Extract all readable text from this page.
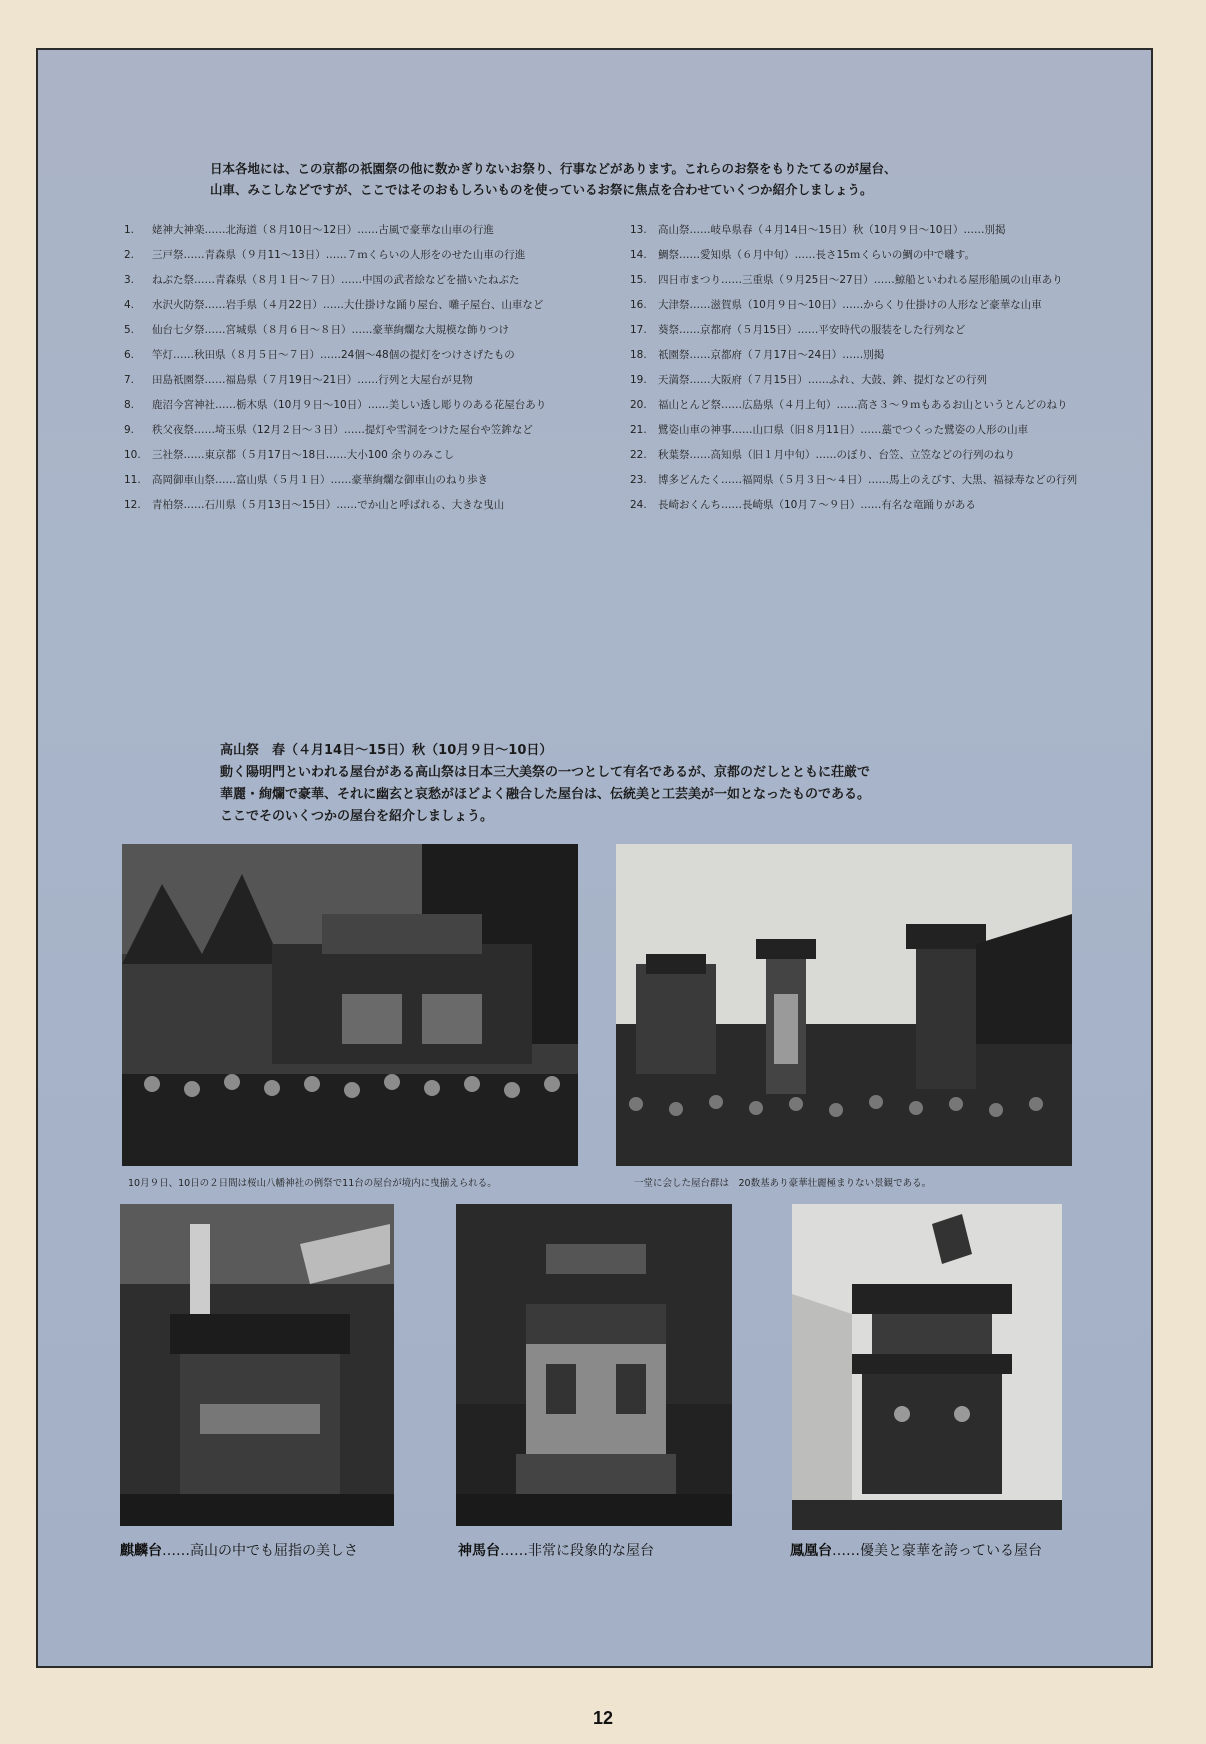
日本各地には、この京都の祇園祭の他に数かぎりないお祭り、行事などがあります。これらのお祭をもりたてるのが屋台、

山車、みこしなどですが、ここではそのおもしろいものを使っているお祭に焦点を合わせていくつか紹介しましょう。

1.	姥神大神楽……北海道（８月10日〜12日）……古風で豪華な山車の行進
2.	三戸祭……青森県（９月11〜13日）……７ｍくらいの人形をのせた山車の行進
3.	ねぶた祭……青森県（８月１日〜７日）……中国の武者絵などを描いたねぶた
4.	水沢火防祭……岩手県（４月22日）……大仕掛けな踊り屋台、囃子屋台、山車など
5.	仙台七夕祭……宮城県（８月６日〜８日）……豪華絢爛な大規模な飾りつけ
6.	竿灯……秋田県（８月５日〜７日）……24個〜48個の提灯をつけさげたもの
7.	田島祇園祭……福島県（７月19日〜21日）……行列と大屋台が見物
8.	鹿沼今宮神社……栃木県（10月９日〜10日）……美しい透し彫りのある花屋台あり
9.	秩父夜祭……埼玉県（12月２日〜３日）……提灯や雪洞をつけた屋台や笠鉾など
10.	三社祭……東京都（５月17日〜18日……大小100 余りのみこし
11.	高岡御車山祭……富山県（５月１日）……豪華絢爛な御車山のねり歩き
12.	青柏祭……石川県（５月13日〜15日）……でか山と呼ばれる、大きな曳山
13.	高山祭……岐阜県春（４月14日〜15日）秋（10月９日〜10日）……別掲
14.	鯛祭……愛知県（６月中旬）……長さ15ｍくらいの鯛の中で囃す。
15.	四日市まつり……三重県（９月25日〜27日）……鯨船といわれる屋形船風の山車あり
16.	大津祭……滋賀県（10月９日〜10日）……からくり仕掛けの人形など豪華な山車
17.	葵祭……京都府（５月15日）……平安時代の服装をした行列など
18.	祇園祭……京都府（７月17日〜24日）……別掲
19.	天満祭……大阪府（７月15日）……ふれ、大鼓、鉾、提灯などの行列
20.	福山とんど祭……広島県（４月上旬）……高さ３〜９ｍもあるお山というとんどのねり
21.	鷺姿山車の神事……山口県（旧８月11日）……藁でつくった鷺姿の人形の山車
22.	秋葉祭……高知県（旧１月中旬）……のぼり、台笠、立笠などの行列のねり
23.	博多どんたく……福岡県（５月３日〜４日）……馬上のえびす、大黒、福禄寿などの行列
24.	長崎おくんち……長崎県（10月７〜９日）……有名な竜踊りがある

高山祭　春（４月14日〜15日）秋（10月９日〜10日）

動く陽明門といわれる屋台がある高山祭は日本三大美祭の一つとして有名であるが、京都のだしとともに荘厳で

華麗・絢爛で豪華、それに幽玄と哀愁がほどよく融合した屋台は、伝統美と工芸美が一如となったものである。

ここでそのいくつかの屋台を紹介しましょう。

10月９日、10日の２日間は桜山八幡神社の例祭で11台の屋台が境内に曳揃えられる。	一堂に会した屋台群は　20数基あり豪華壮麗極まりない景観である。
麒麟台……高山の中でも屈指の美しさ	神馬台……非常に段象的な屋台	鳳凰台……優美と豪華を誇っている屋台
12
